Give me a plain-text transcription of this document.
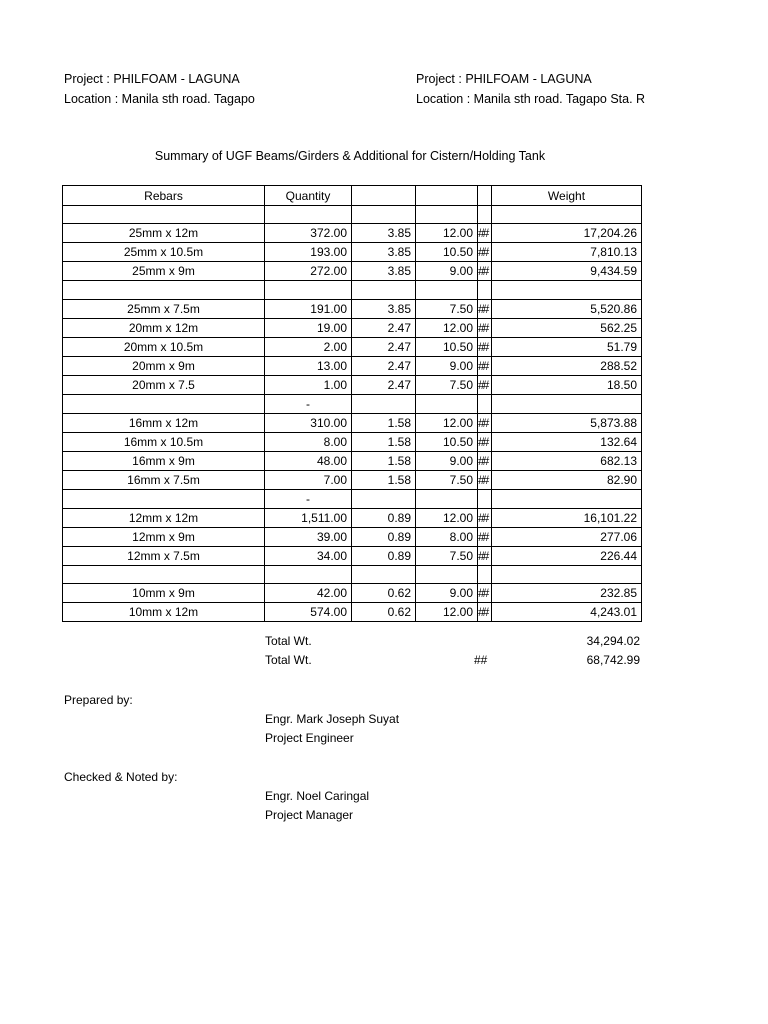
Project : PHILFOAM - LAGUNA
Location : Manila sth road. Tagapo
Project : PHILFOAM - LAGUNA
Location : Manila sth road. Tagapo Sta. R
Summary of UGF Beams/Girders & Additional for Cistern/Holding Tank
Rebars	Quantity				Weight

25mm x 12m	372.00	3.85	12.00	##	17,204.26
25mm x 10.5m	193.00	3.85	10.50	##	7,810.13
25mm x 9m	272.00	3.85	9.00	##	9,434.59

25mm x 7.5m	191.00	3.85	7.50	##	5,520.86
20mm x 12m	19.00	2.47	12.00	##	562.25
20mm x 10.5m	2.00	2.47	10.50	##	51.79
20mm x 9m	13.00	2.47	9.00	##	288.52
20mm x 7.5	1.00	2.47	7.50	##	18.50
	-				
16mm x 12m	310.00	1.58	12.00	##	5,873.88
16mm x 10.5m	8.00	1.58	10.50	##	132.64
16mm x 9m	48.00	1.58	9.00	##	682.13
16mm x 7.5m	7.00	1.58	7.50	##	82.90
	-				
12mm x 12m	1,511.00	0.89	12.00	##	16,101.22
12mm x 9m	39.00	0.89	8.00	##	277.06
12mm x 7.5m	34.00	0.89	7.50	##	226.44

10mm x 9m	42.00	0.62	9.00	##	232.85
10mm x 12m	574.00	0.62	12.00	##	4,243.01
Total Wt.	34,294.02
Total Wt.	##	68,742.99
Prepared by:
Engr. Mark Joseph Suyat
Project Engineer
Checked & Noted by:
Engr. Noel Caringal
Project Manager
